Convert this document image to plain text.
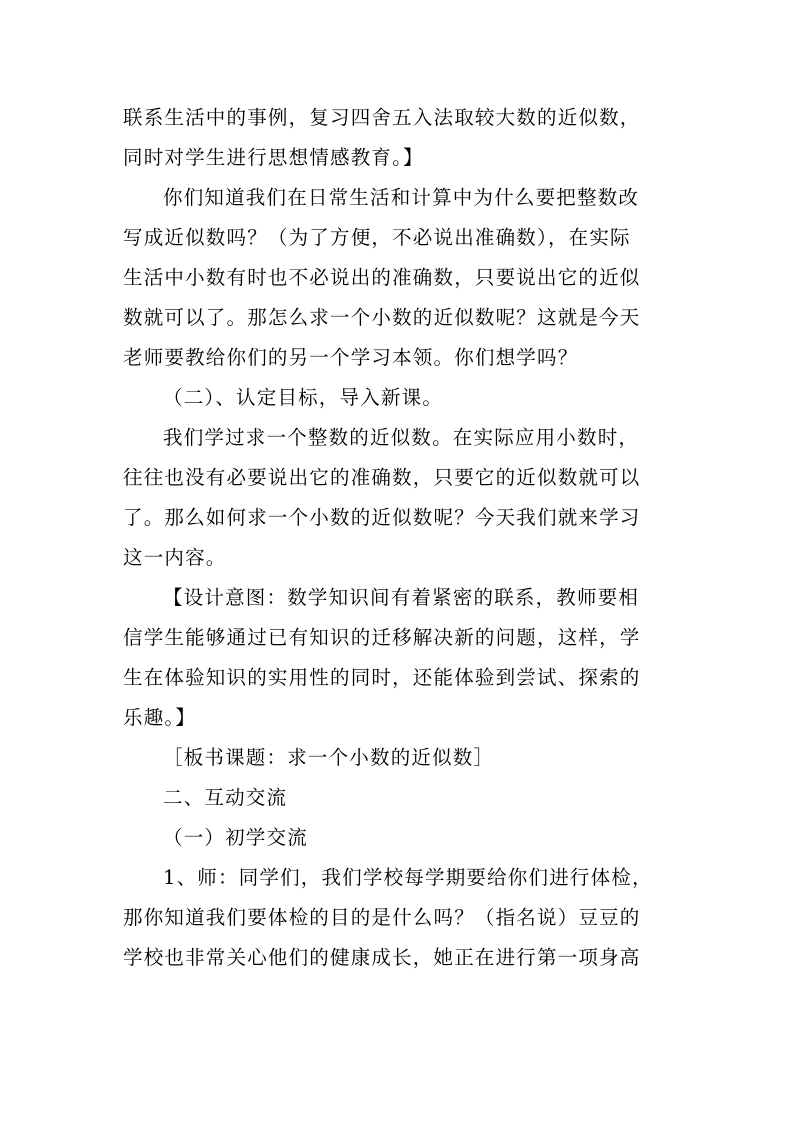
联系生活中的事例，复习四舍五入法取较大数的近似数，
同时对学生进行思想情感教育。】

你们知道我们在日常生活和计算中为什么要把整数改
写成近似数吗？（为了方便，不必说出准确数），在实际
生活中小数有时也不必说出的准确数，只要说出它的近似
数就可以了。那怎么求一个小数的近似数呢？这就是今天
老师要教给你们的另一个学习本领。你们想学吗？

（二）、认定目标，导入新课。

我们学过求一个整数的近似数。在实际应用小数时，
往往也没有必要说出它的准确数，只要它的近似数就可以
了。那么如何求一个小数的近似数呢？今天我们就来学习
这一内容。

【设计意图：数学知识间有着紧密的联系，教师要相
信学生能够通过已有知识的迁移解决新的问题，这样，学
生在体验知识的实用性的同时，还能体验到尝试、探索的
乐趣。】

［板书课题：求一个小数的近似数］

二、互动交流

（一）初学交流

1、师：同学们，我们学校每学期要给你们进行体检，
那你知道我们要体检的目的是什么吗？（指名说）豆豆的
学校也非常关心他们的健康成长，她正在进行第一项身高
